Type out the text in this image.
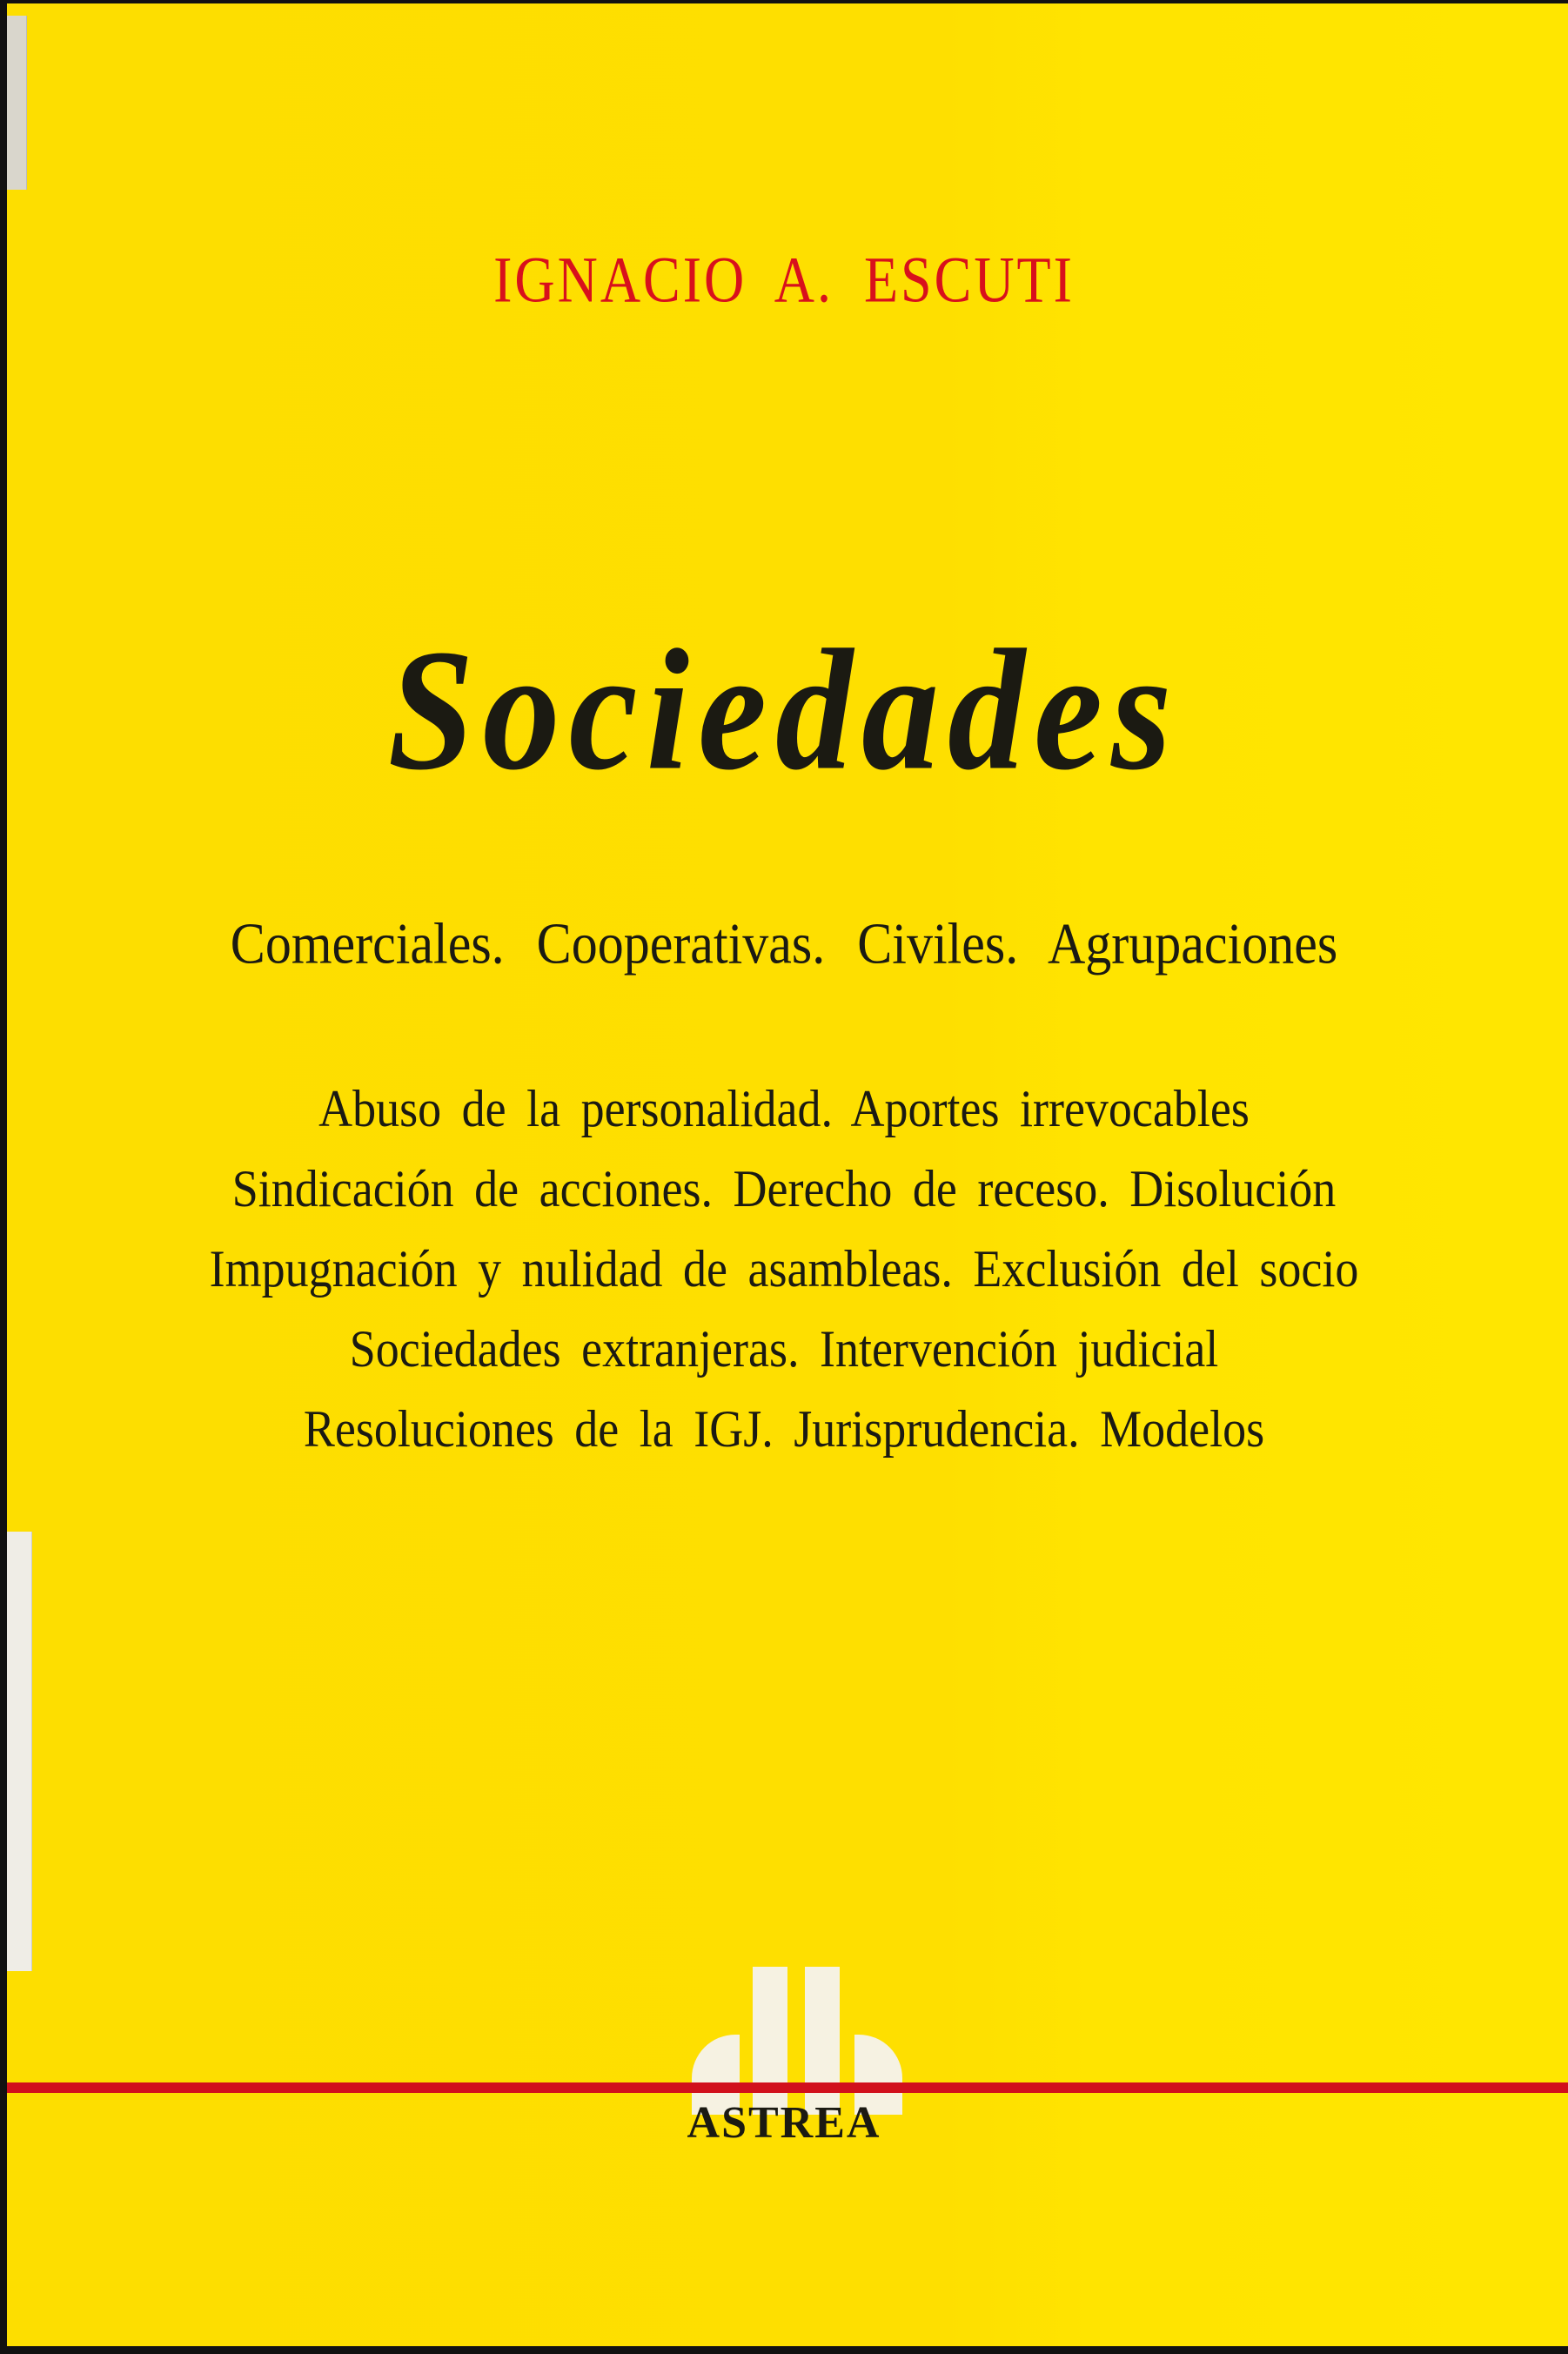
IGNACIO A. ESCUTI
Sociedades
Comerciales. Cooperativas. Civiles. Agrupaciones
Abuso de la personalidad. Aportes irrevocables
Sindicación de acciones. Derecho de receso. Disolución
Impugnación y nulidad de asambleas. Exclusión del socio
Sociedades extranjeras. Intervención judicial
Resoluciones de la IGJ. Jurisprudencia. Modelos
ASTREA
